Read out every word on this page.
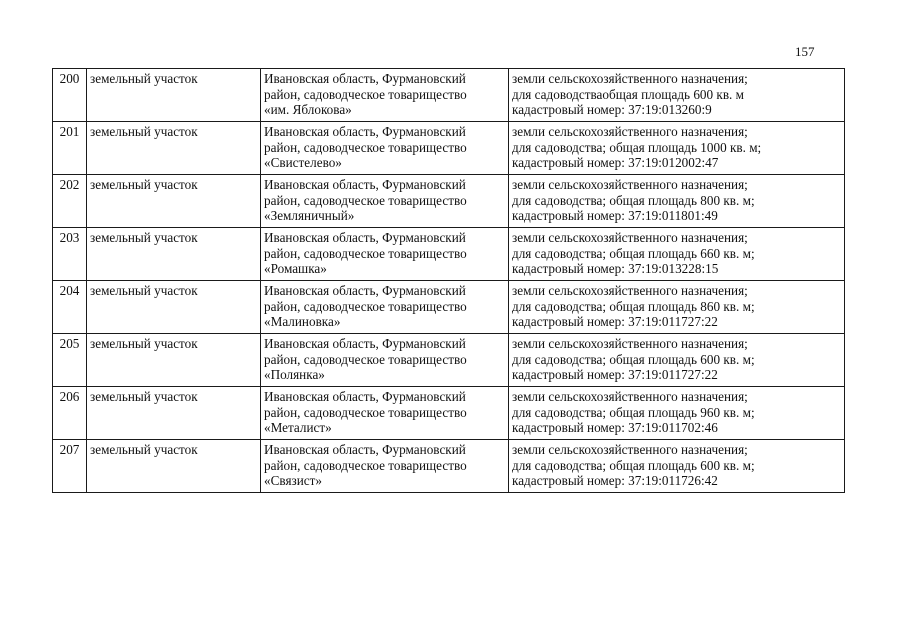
157
200	земельный участок	Ивановская область, Фурмановский
район, садоводческое товарищество
«им. Яблокова»	земли сельскохозяйственного назначения;
для садоводстваобщая площадь 600 кв. м
кадастровый номер: 37:19:013260:9

201	земельный участок	Ивановская область, Фурмановский
район, садоводческое товарищество
«Свистелево»	земли сельскохозяйственного назначения;
для садоводства; общая площадь 1000 кв. м;
кадастровый номер: 37:19:012002:47

202	земельный участок	Ивановская область, Фурмановский
район, садоводческое товарищество
«Земляничный»	земли сельскохозяйственного назначения;
для садоводства; общая площадь 800 кв. м;
кадастровый номер: 37:19:011801:49

203	земельный участок	Ивановская область, Фурмановский
район, садоводческое товарищество
«Ромашка»	земли сельскохозяйственного назначения;
для садоводства; общая площадь 660 кв. м;
кадастровый номер: 37:19:013228:15

204	земельный участок	Ивановская область, Фурмановский
район, садоводческое товарищество
«Малиновка»	земли сельскохозяйственного назначения;
для садоводства; общая площадь 860 кв. м;
кадастровый номер: 37:19:011727:22

205	земельный участок	Ивановская область, Фурмановский
район, садоводческое товарищество
«Полянка»	земли сельскохозяйственного назначения;
для садоводства; общая площадь 600 кв. м;
кадастровый номер: 37:19:011727:22

206	земельный участок	Ивановская область, Фурмановский
район, садоводческое товарищество
«Металист»	земли сельскохозяйственного назначения;
для садоводства; общая площадь 960 кв. м;
кадастровый номер: 37:19:011702:46

207	земельный участок	Ивановская область, Фурмановский
район, садоводческое товарищество
«Связист»	земли сельскохозяйственного назначения;
для садоводства; общая площадь 600 кв. м;
кадастровый номер: 37:19:011726:42
